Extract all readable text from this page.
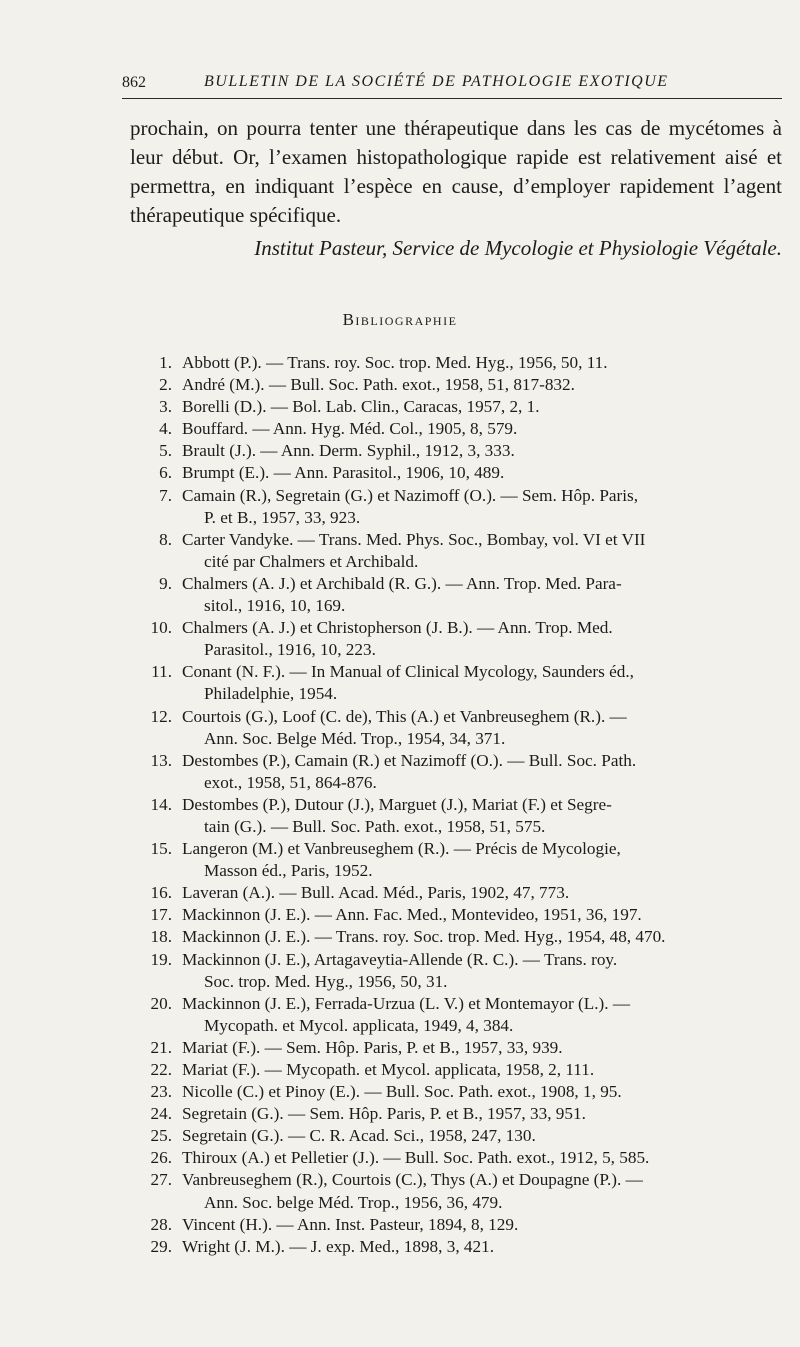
862	BULLETIN DE LA SOCIÉTÉ DE PATHOLOGIE EXOTIQUE

prochain, on pourra tenter une thérapeutique dans les cas de mycétomes à leur début. Or, l’examen histopathologique rapide est relativement aisé et permettra, en indiquant l’espèce en cause, d’employer rapidement l’agent thérapeutique spécifique.

Institut Pasteur, Service de Mycologie et Physiologie Végétale.
Bibliographie
1. Abbott (P.). — Trans. roy. Soc. trop. Med. Hyg., 1956, 50, 11.
2. André (M.). — Bull. Soc. Path. exot., 1958, 51, 817-832.
3. Borelli (D.). — Bol. Lab. Clin., Caracas, 1957, 2, 1.
4. Bouffard. — Ann. Hyg. Méd. Col., 1905, 8, 579.
5. Brault (J.). — Ann. Derm. Syphil., 1912, 3, 333.
6. Brumpt (E.). — Ann. Parasitol., 1906, 10, 489.
7. Camain (R.), Segretain (G.) et Nazimoff (O.). — Sem. Hôp. Paris,
P. et B., 1957, 33, 923.
8. Carter Vandyke. — Trans. Med. Phys. Soc., Bombay, vol. VI et VII
cité par Chalmers et Archibald.
9. Chalmers (A. J.) et Archibald (R. G.). — Ann. Trop. Med. Para-
sitol., 1916, 10, 169.
10. Chalmers (A. J.) et Christopherson (J. B.). — Ann. Trop. Med.
Parasitol., 1916, 10, 223.
11. Conant (N. F.). — In Manual of Clinical Mycology, Saunders éd.,
Philadelphie, 1954.
12. Courtois (G.), Loof (C. de), This (A.) et Vanbreuseghem (R.). —
Ann. Soc. Belge Méd. Trop., 1954, 34, 371.
13. Destombes (P.), Camain (R.) et Nazimoff (O.). — Bull. Soc. Path.
exot., 1958, 51, 864-876.
14. Destombes (P.), Dutour (J.), Marguet (J.), Mariat (F.) et Segre-
tain (G.). — Bull. Soc. Path. exot., 1958, 51, 575.
15. Langeron (M.) et Vanbreuseghem (R.). — Précis de Mycologie,
Masson éd., Paris, 1952.
16. Laveran (A.). — Bull. Acad. Méd., Paris, 1902, 47, 773.
17. Mackinnon (J. E.). — Ann. Fac. Med., Montevideo, 1951, 36, 197.
18. Mackinnon (J. E.). — Trans. roy. Soc. trop. Med. Hyg., 1954, 48, 470.
19. Mackinnon (J. E.), Artagaveytia-Allende (R. C.). — Trans. roy.
Soc. trop. Med. Hyg., 1956, 50, 31.
20. Mackinnon (J. E.), Ferrada-Urzua (L. V.) et Montemayor (L.). —
Mycopath. et Mycol. applicata, 1949, 4, 384.
21. Mariat (F.). — Sem. Hôp. Paris, P. et B., 1957, 33, 939.
22. Mariat (F.). — Mycopath. et Mycol. applicata, 1958, 2, 111.
23. Nicolle (C.) et Pinoy (E.). — Bull. Soc. Path. exot., 1908, 1, 95.
24. Segretain (G.). — Sem. Hôp. Paris, P. et B., 1957, 33, 951.
25. Segretain (G.). — C. R. Acad. Sci., 1958, 247, 130.
26. Thiroux (A.) et Pelletier (J.). — Bull. Soc. Path. exot., 1912, 5, 585.
27. Vanbreuseghem (R.), Courtois (C.), Thys (A.) et Doupagne (P.). —
Ann. Soc. belge Méd. Trop., 1956, 36, 479.
28. Vincent (H.). — Ann. Inst. Pasteur, 1894, 8, 129.
29. Wright (J. M.). — J. exp. Med., 1898, 3, 421.
